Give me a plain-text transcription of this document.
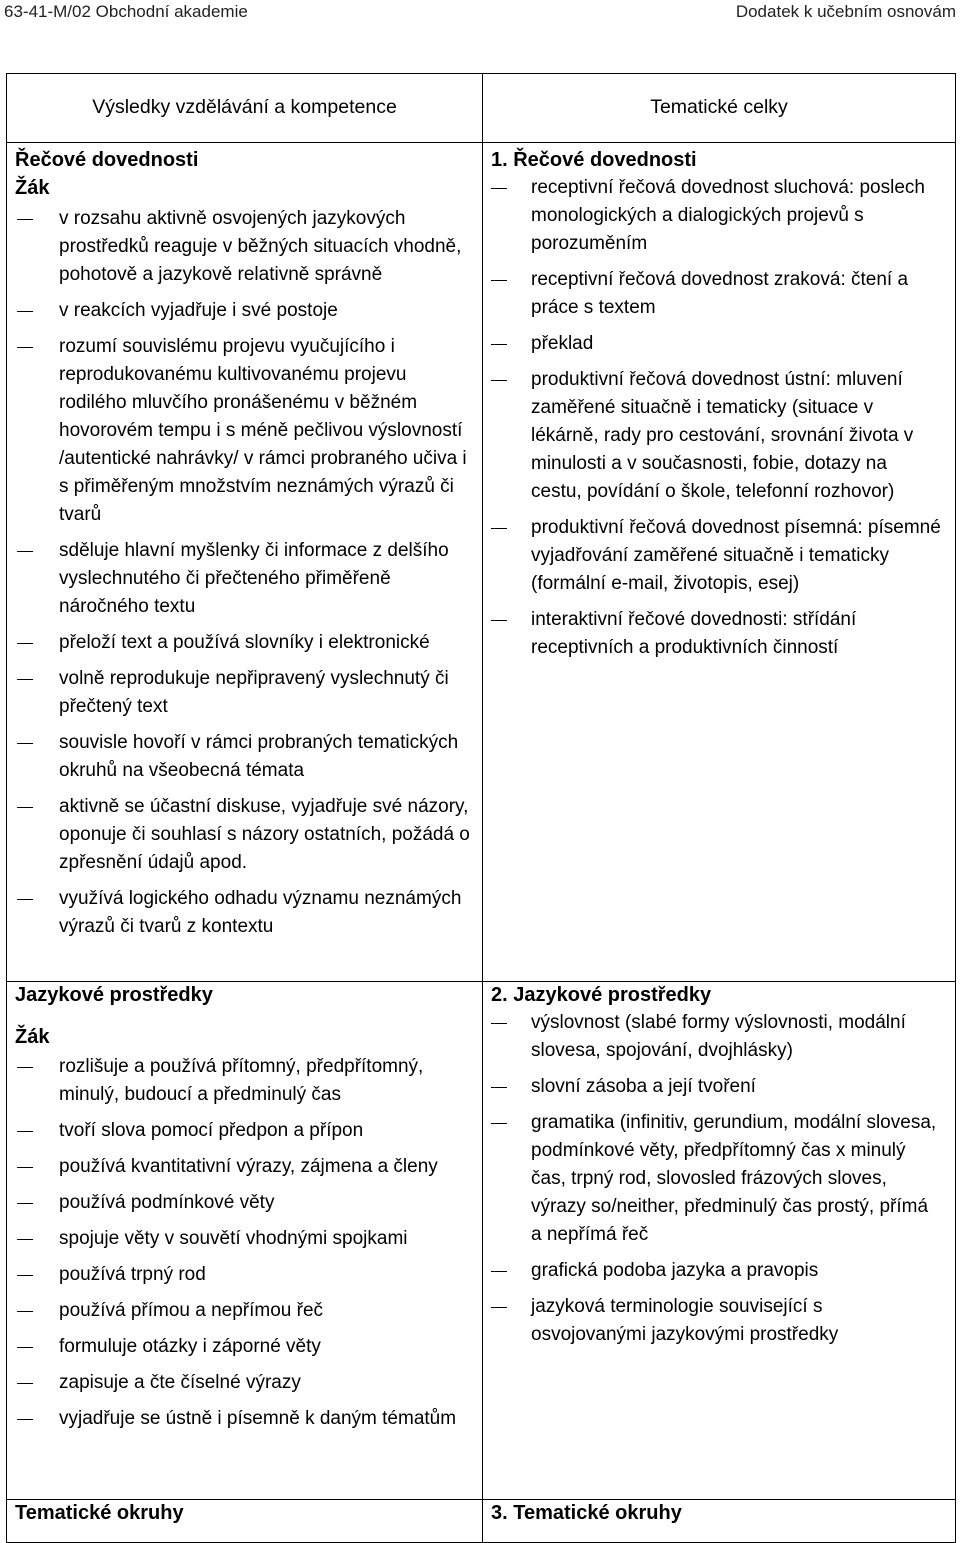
63-41-M/02 Obchodní akademie	Dodatek k učebním osnovám
Výsledky vzdělávání a kompetence	Tematické celky
Řečové dovednosti
Žák
v rozsahu aktivně osvojených jazykových prostředků reaguje v běžných situacích vhodně, pohotově a jazykově relativně správně
v reakcích vyjadřuje i své postoje
rozumí souvislému projevu vyučujícího i reprodukovanému kultivovanému projevu rodilého mluvčího pronášenému v běžném hovorovém tempu i s méně pečlivou výslovností /autentické nahrávky/ v rámci probraného učiva i s přiměřeným množstvím neznámých výrazů či tvarů
sděluje hlavní myšlenky či informace z delšího vyslechnutého či přečteného přiměřeně náročného textu
přeloží text a používá slovníky i elektronické
volně reprodukuje nepřipravený vyslechnutý či přečtený text
souvisle hovoří v rámci probraných tematických okruhů na všeobecná témata
aktivně se účastní diskuse, vyjadřuje své názory, oponuje či souhlasí s názory ostatních, požádá o zpřesnění údajů apod.
využívá logického odhadu významu neznámých výrazů či tvarů z kontextu
Jazykové prostředky
Žák
rozlišuje a používá přítomný, předpřítomný, minulý, budoucí a předminulý čas
tvoří slova pomocí předpon a přípon
používá kvantitativní výrazy, zájmena a členy
používá podmínkové věty
spojuje věty v souvětí vhodnými spojkami
používá trpný rod
používá přímou a nepřímou řeč
formuluje otázky i záporné věty
zapisuje a čte číselné výrazy
vyjadřuje se ústně i písemně k daným tématům
Tematické okruhy
1. Řečové dovednosti
receptivní řečová dovednost sluchová: poslech monologických a dialogických projevů s porozuměním
receptivní řečová dovednost zraková: čtení a práce s textem
překlad
produktivní řečová dovednost ústní: mluvení zaměřené situačně i tematicky (situace v lékárně, rady pro cestování, srovnání života v minulosti a v současnosti, fobie, dotazy na cestu, povídání o škole, telefonní rozhovor)
produktivní řečová dovednost písemná: písemné vyjadřování zaměřené situačně i tematicky (formální e-mail, životopis, esej)
interaktivní řečové dovednosti: střídání receptivních a produktivních činností
2. Jazykové prostředky
výslovnost (slabé formy výslovnosti, modální slovesa, spojování, dvojhlásky)
slovní zásoba a její tvoření
gramatika (infinitiv, gerundium, modální slovesa, podmínkové věty, předpřítomný čas x minulý čas, trpný rod, slovosled frázových sloves, výrazy so/neither, předminulý čas prostý, přímá a nepřímá řeč
grafická podoba jazyka a pravopis
jazyková terminologie související s osvojovanými jazykovými prostředky
3. Tematické okruhy
